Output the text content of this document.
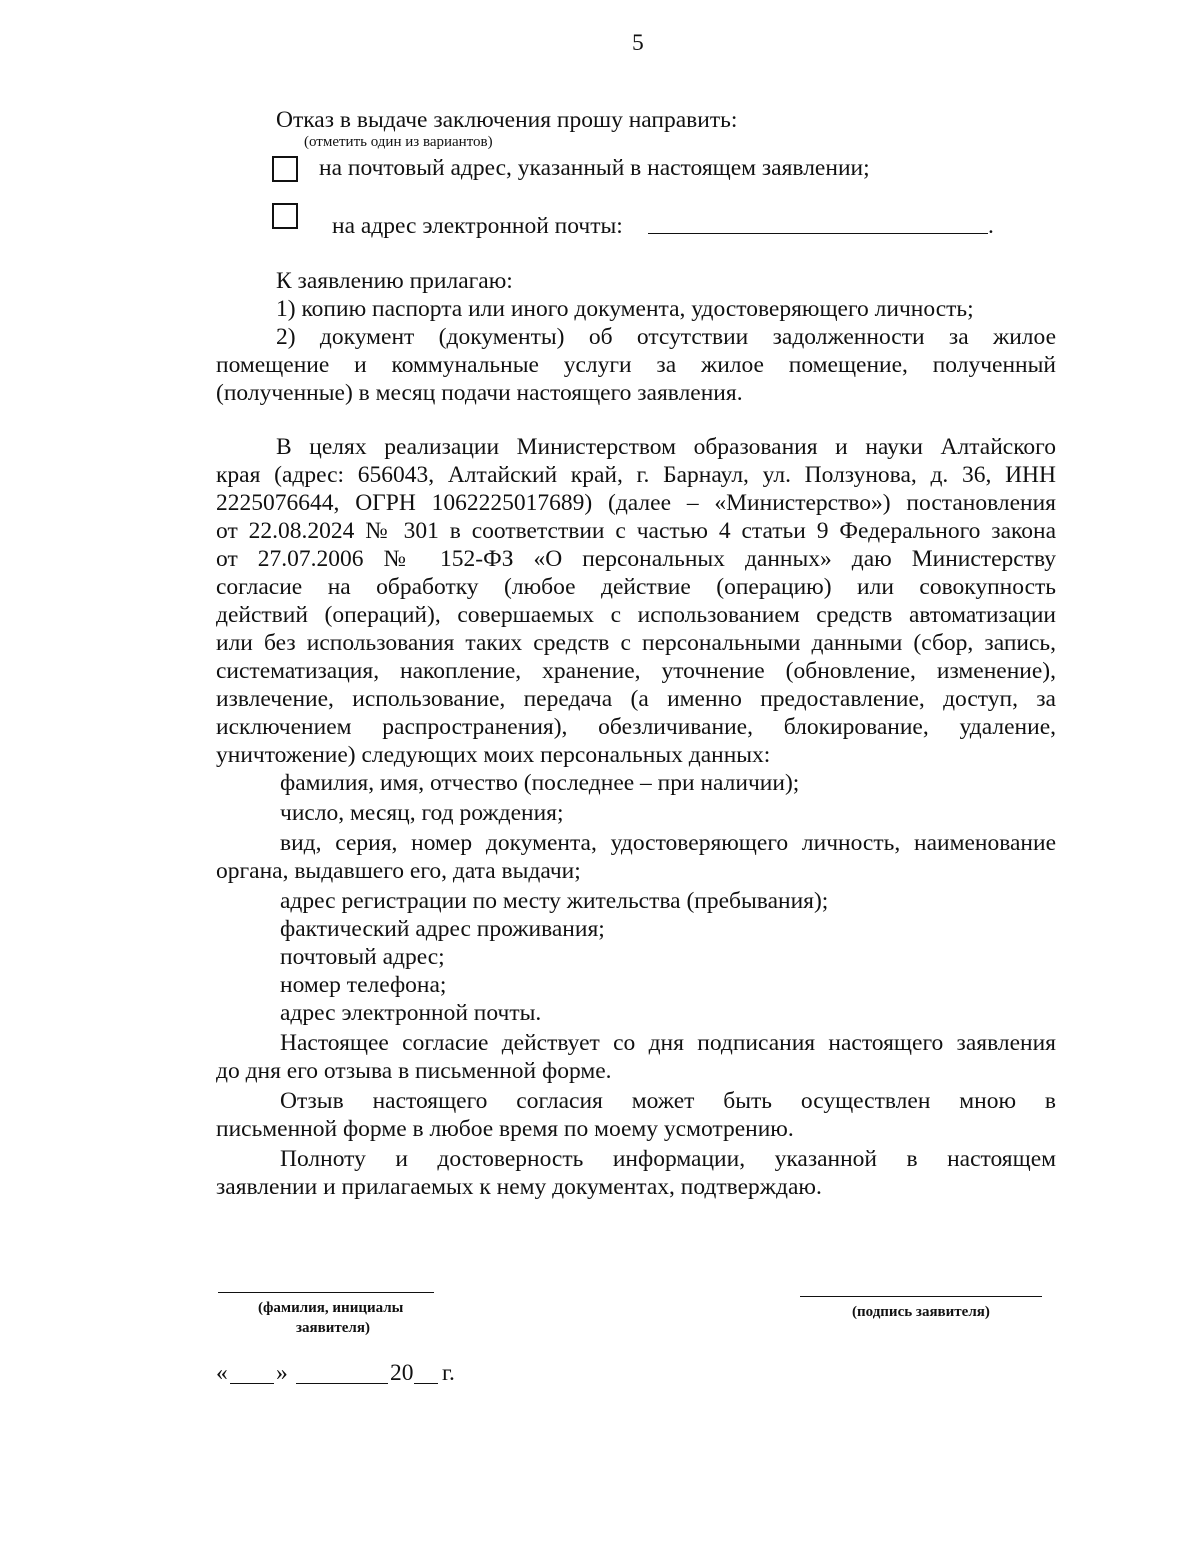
5
Отказ в выдаче заключения прошу направить:
(отметить один из вариантов)
на почтовый адрес, указанный в настоящем заявлении;
на адрес электронной почты:	.
К заявлению прилагаю:
1) копию паспорта или иного документа, удостоверяющего личность;
2) документ (документы) об отсутствии задолженности за жилое
помещение и коммунальные услуги за жилое помещение, полученный
(полученные) в месяц подачи настоящего заявления.
В целях реализации Министерством образования и науки Алтайского
края (адрес: 656043, Алтайский край, г. Барнаул, ул. Ползунова, д. 36, ИНН
2225076644, ОГРН 1062225017689) (далее – «Министерство») постановления
от 22.08.2024 № 301 в соответствии с частью 4 статьи 9 Федерального закона
от 27.07.2006 № 152-ФЗ «О персональных данных» даю Министерству
согласие на обработку (любое действие (операцию) или совокупность
действий (операций), совершаемых с использованием средств автоматизации
или без использования таких средств с персональными данными (сбор, запись,
систематизация, накопление, хранение, уточнение (обновление, изменение),
извлечение, использование, передача (а именно предоставление, доступ, за
исключением распространения), обезличивание, блокирование, удаление,
уничтожение) следующих моих персональных данных:
фамилия, имя, отчество (последнее – при наличии);
число, месяц, год рождения;
вид, серия, номер документа, удостоверяющего личность, наименование
органа, выдавшего его, дата выдачи;
адрес регистрации по месту жительства (пребывания);
фактический адрес проживания;
почтовый адрес;
номер телефона;
адрес электронной почты.
Настоящее согласие действует со дня подписания настоящего заявления
до дня его отзыва в письменной форме.
Отзыв настоящего согласия может быть осуществлен мною в
письменной форме в любое время по моему усмотрению.
Полноту и достоверность информации, указанной в настоящем
заявлении и прилагаемых к нему документах, подтверждаю.
(фамилия, инициалы
заявителя)
(подпись заявителя)
« »	20 г.
